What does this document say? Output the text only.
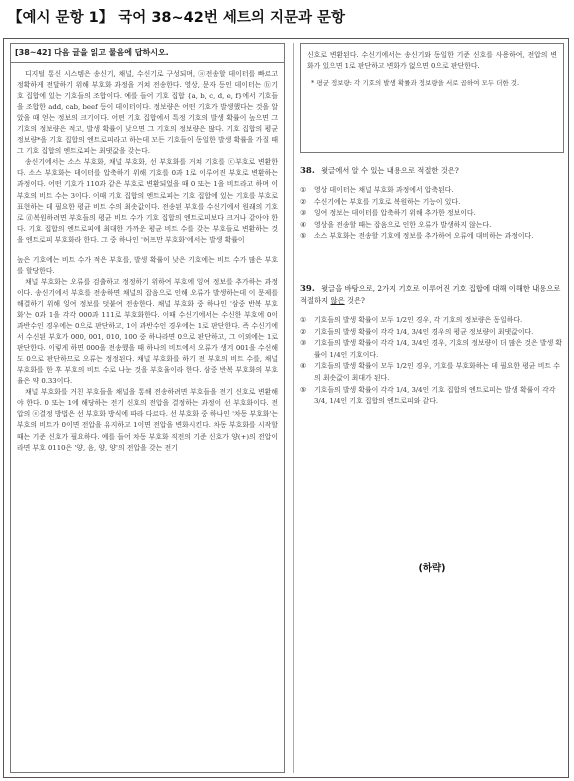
【예시 문항 1】 국어 38~42번 세트의 지문과 문항
[38~42] 다음 글을 읽고 물음에 답하시오.

디지털 통신 시스템은 송신기, 채널, 수신기로 구성되며, ⓐ전송할 데이터를 빠르고 정확하게 전달하기 위해 부호화 과정을 거쳐 전송한다. 영상, 문자 등인 데이터는 ⓑ기호 집합에 있는 기호들의 조합이다. 예를 들어 기호 집합 {a, b, c, d, e, f}에서 기호들을 조합한 add, cab, beef 등이 데이터이다. 정보량은 어떤 기호가 발생했다는 것을 알았을 때 얻는 정보의 크기이다. 어떤 기호 집합에서 특정 기호의 발생 확률이 높으면 그 기호의 정보량은 적고, 발생 확률이 낮으면 그 기호의 정보량은 많다. 기호 집합의 평균 정보량*을 기호 집합의 엔트로피라고 하는데 모든 기호들이 동일한 발생 확률을 가질 때 그 기호 집합의 엔트로피는 최댓값을 갖는다.

송신기에서는 소스 부호화, 채널 부호화, 선 부호화를 거쳐 기호를 ⓒ부호로 변환한다. 소스 부호화는 데이터를 압축하기 위해 기호를 0과 1로 이루어진 부호로 변환하는 과정이다. 어떤 기호가 110과 같은 부호로 변환되었을 때 0 또는 1을 비트라고 하며 이 부호의 비트 수는 3이다. 이때 기호 집합의 엔트로피는 기호 집합에 있는 기호를 부호로 표현하는 데 필요한 평균 비트 수의 최솟값이다. 전송된 부호를 수신기에서 원래의 기호로 ⓓ복원하려면 부호들의 평균 비트 수가 기호 집합의 엔트로피보다 크거나 같아야 한다. 기호 집합의 엔트로피에 최대한 가까운 평균 비트 수를 갖는 부호들로 변환하는 것을 엔트로피 부호화라 한다. 그 중 하나인 '허프만 부호화'에서는 발생 확률이

높은 기호에는 비트 수가 적은 부호를, 발생 확률이 낮은 기호에는 비트 수가 많은 부호를 할당한다.

채널 부호화는 오류를 검출하고 정정하기 위하여 부호에 잉여 정보를 추가하는 과정이다. 송신기에서 부호를 전송하면 채널의 잡음으로 인해 오류가 발생하는데 이 문제를 해결하기 위해 잉여 정보를 덧붙여 전송한다. 채널 부호화 중 하나인 '삼중 반복 부호화'는 0과 1을 각각 000과 111로 부호화한다. 이때 수신기에서는 수신한 부호에 0이 과반수인 경우에는 0으로 판단하고, 1이 과반수인 경우에는 1로 판단한다. 즉 수신기에서 수신된 부호가 000, 001, 010, 100 중 하나라면 0으로 판단하고, 그 이외에는 1로 판단한다. 이렇게 하면 000을 전송했을 때 하나의 비트에서 오류가 생겨 001을 수신해도 0으로 판단하므로 오류는 정정된다. 채널 부호화를 하기 전 부호의 비트 수를, 채널 부호화를 한 후 부호의 비트 수로 나눈 것을 부호율이라 한다. 삼중 반복 부호화의 부호율은 약 0.33이다.

채널 부호화를 거친 부호들을 채널을 통해 전송하려면 부호들을 전기 신호로 변환해야 한다. 0 또는 1에 해당하는 전기 신호의 전압을 결정하는 과정이 선 부호화이다. 전압의 ⓔ결정 방법은 선 부호화 방식에 따라 다르다. 선 부호화 중 하나인 '차동 부호화'는 부호의 비트가 0이면 전압을 유지하고 1이면 전압을 변화시킨다. 차동 부호화를 시작할 때는 기준 신호가 필요하다. 예를 들어 차동 부호화 직전의 기준 신호가 양(+)의 전압이라면 부호 0110은 '양, 음, 양, 양'의 전압을 갖는 전기

신호로 변환된다. 수신기에서는 송신기와 동일한 기준 신호를 사용하여, 전압의 변화가 있으면 1로 판단하고 변화가 없으면 0으로 판단한다.
* 평균 정보량: 각 기호의 발생 확률과 정보량을 서로 곱하여 모두 더한 것.
38. 윗글에서 알 수 있는 내용으로 적절한 것은?
① 영상 데이터는 채널 부호화 과정에서 압축된다.
② 수신기에는 부호를 기호로 복원하는 기능이 있다.
③ 잉여 정보는 데이터를 압축하기 위해 추가한 정보이다.
④ 영상을 전송할 때는 잡음으로 인한 오류가 발생하지 않는다.
⑤ 소스 부호화는 전송할 기호에 정보를 추가하여 오류에 대비하는 과정이다.
39. 윗글을 바탕으로, 2가지 기호로 이루어진 기호 집합에 대해 이해한 내용으로 적절하지 않은 것은?
① 기호들의 발생 확률이 모두 1/2인 경우, 각 기호의 정보량은 동일하다.
② 기호들의 발생 확률이 각각 1/4, 3/4인 경우의 평균 정보량이 최댓값이다.
③ 기호들의 발생 확률이 각각 1/4, 3/4인 경우, 기호의 정보량이 더 많은 것은 발생 확률이 1/4인 기호이다.
④ 기호들의 발생 확률이 모두 1/2인 경우, 기호를 부호화하는 데 필요한 평균 비트 수의 최솟값이 최대가 된다.
⑤ 기호들의 발생 확률이 각각 1/4, 3/4인 기호 집합의 엔트로피는 발생 확률이 각각 3/4, 1/4인 기호 집합의 엔트로피와 같다.
(하략)
